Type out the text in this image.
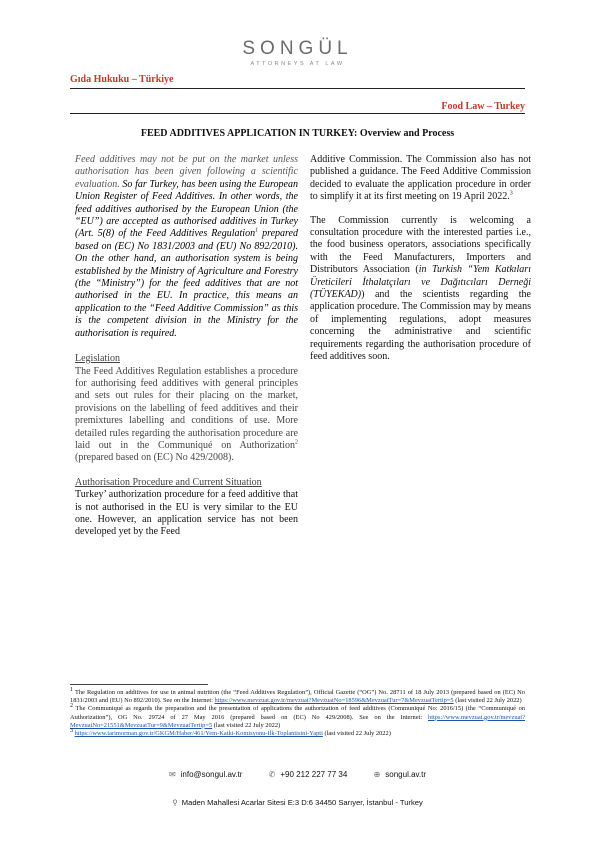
SONGÜL
ATTORNEYS AT LAW
Gıda Hukuku – Türkiye
Food Law – Turkey
FEED ADDITIVES APPLICATION IN TURKEY: Overview and Process
Feed additives may not be put on the market unless authorisation has been given following a scientific evaluation. So far Turkey, has been using the European Union Register of Feed Additives. In other words, the feed additives authorised by the European Union (the “EU”) are accepted as authorised additives in Turkey (Art. 5(8) of the Feed Additives Regulation$^1$ prepared based on (EC) No 1831/2003 and (EU) No 892/2010). On the other hand, an authorisation system is being established by the Ministry of Agriculture and Forestry (the “Ministry”) for the feed additives that are not authorised in the EU. In practice, this means an application to the “Feed Additive Commission” as this is the competent division in the Ministry for the authorisation is required.
Legislation
The Feed Additives Regulation establishes a procedure for authorising feed additives with general principles and sets out rules for their placing on the market, provisions on the labelling of feed additives and their premixtures labelling and conditions of use. More detailed rules regarding the authorisation procedure are laid out in the Communiqué on Authorization$^2$ (prepared based on (EC) No 429/2008).
Authorisation Procedure and Current Situation
Turkey’ authorization procedure for a feed additive that is not authorised in the EU is very similar to the EU one. However, an application service has not been developed yet by the Feed

Additive Commission. The Commission also has not published a guidance. The Feed Additive Commission decided to evaluate the application procedure in order to simplify it at its first meeting on 19 April 2022.$^3$

The Commission currently is welcoming a consultation procedure with the interested parties i.e., the food business operators, associations specifically with the Feed Manufacturers, Importers and Distributors Association (in Turkish “Yem Katkıları Üreticileri İthalatçıları ve Dağıtıcıları Derneği (TÜYEKAD)) and the scientists regarding the application procedure. The Commission may by means of implementing regulations, adopt measures concerning the administrative and scientific requirements regarding the authorisation procedure of feed additives soon.

$^1$ The Regulation on additives for use in animal nutrition (the “Feed Additives Regulation”), Official Gazette (“OG”) No. 28711 of 18 July 2013 (prepared based on (EC) No 1831/2003 and (EU) No 892/2010). See on the Internet: https://www.mevzuat.gov.tr/mevzuat?MevzuatNo=18596&MevzuatTur=7&MevzuatTertip=5 (last visited 22 July 2022)
$^2$ The Communiqué as regards the preparation and the presentation of applications the authorization of feed additives (Communiqué No: 2016/15) (the “Communiqué on Authorization”), OG No. 29724 of 27 May 2016 (prepared based on (EC) No 429/2008). See on the Internet: https://www.mevzuat.gov.tr/mevzuat?MevzuatNo=21551&MevzuatTur=9&MevzuatTertip=5 (last visited 22 July 2022)
$^3$ https://www.tarimorman.gov.tr/GKGM/Haber/461/Yem-Katki-Komisyonu-Ilk-Toplantisini-Yapti (last visited 22 July 2022)
✉ info@songul.av.tr	✆ +90 212 227 77 34	⊕ songul.av.tr
⚲ Maden Mahallesi Acarlar Sitesi E:3 D:6 34450 Sarıyer, İstanbul - Turkey
